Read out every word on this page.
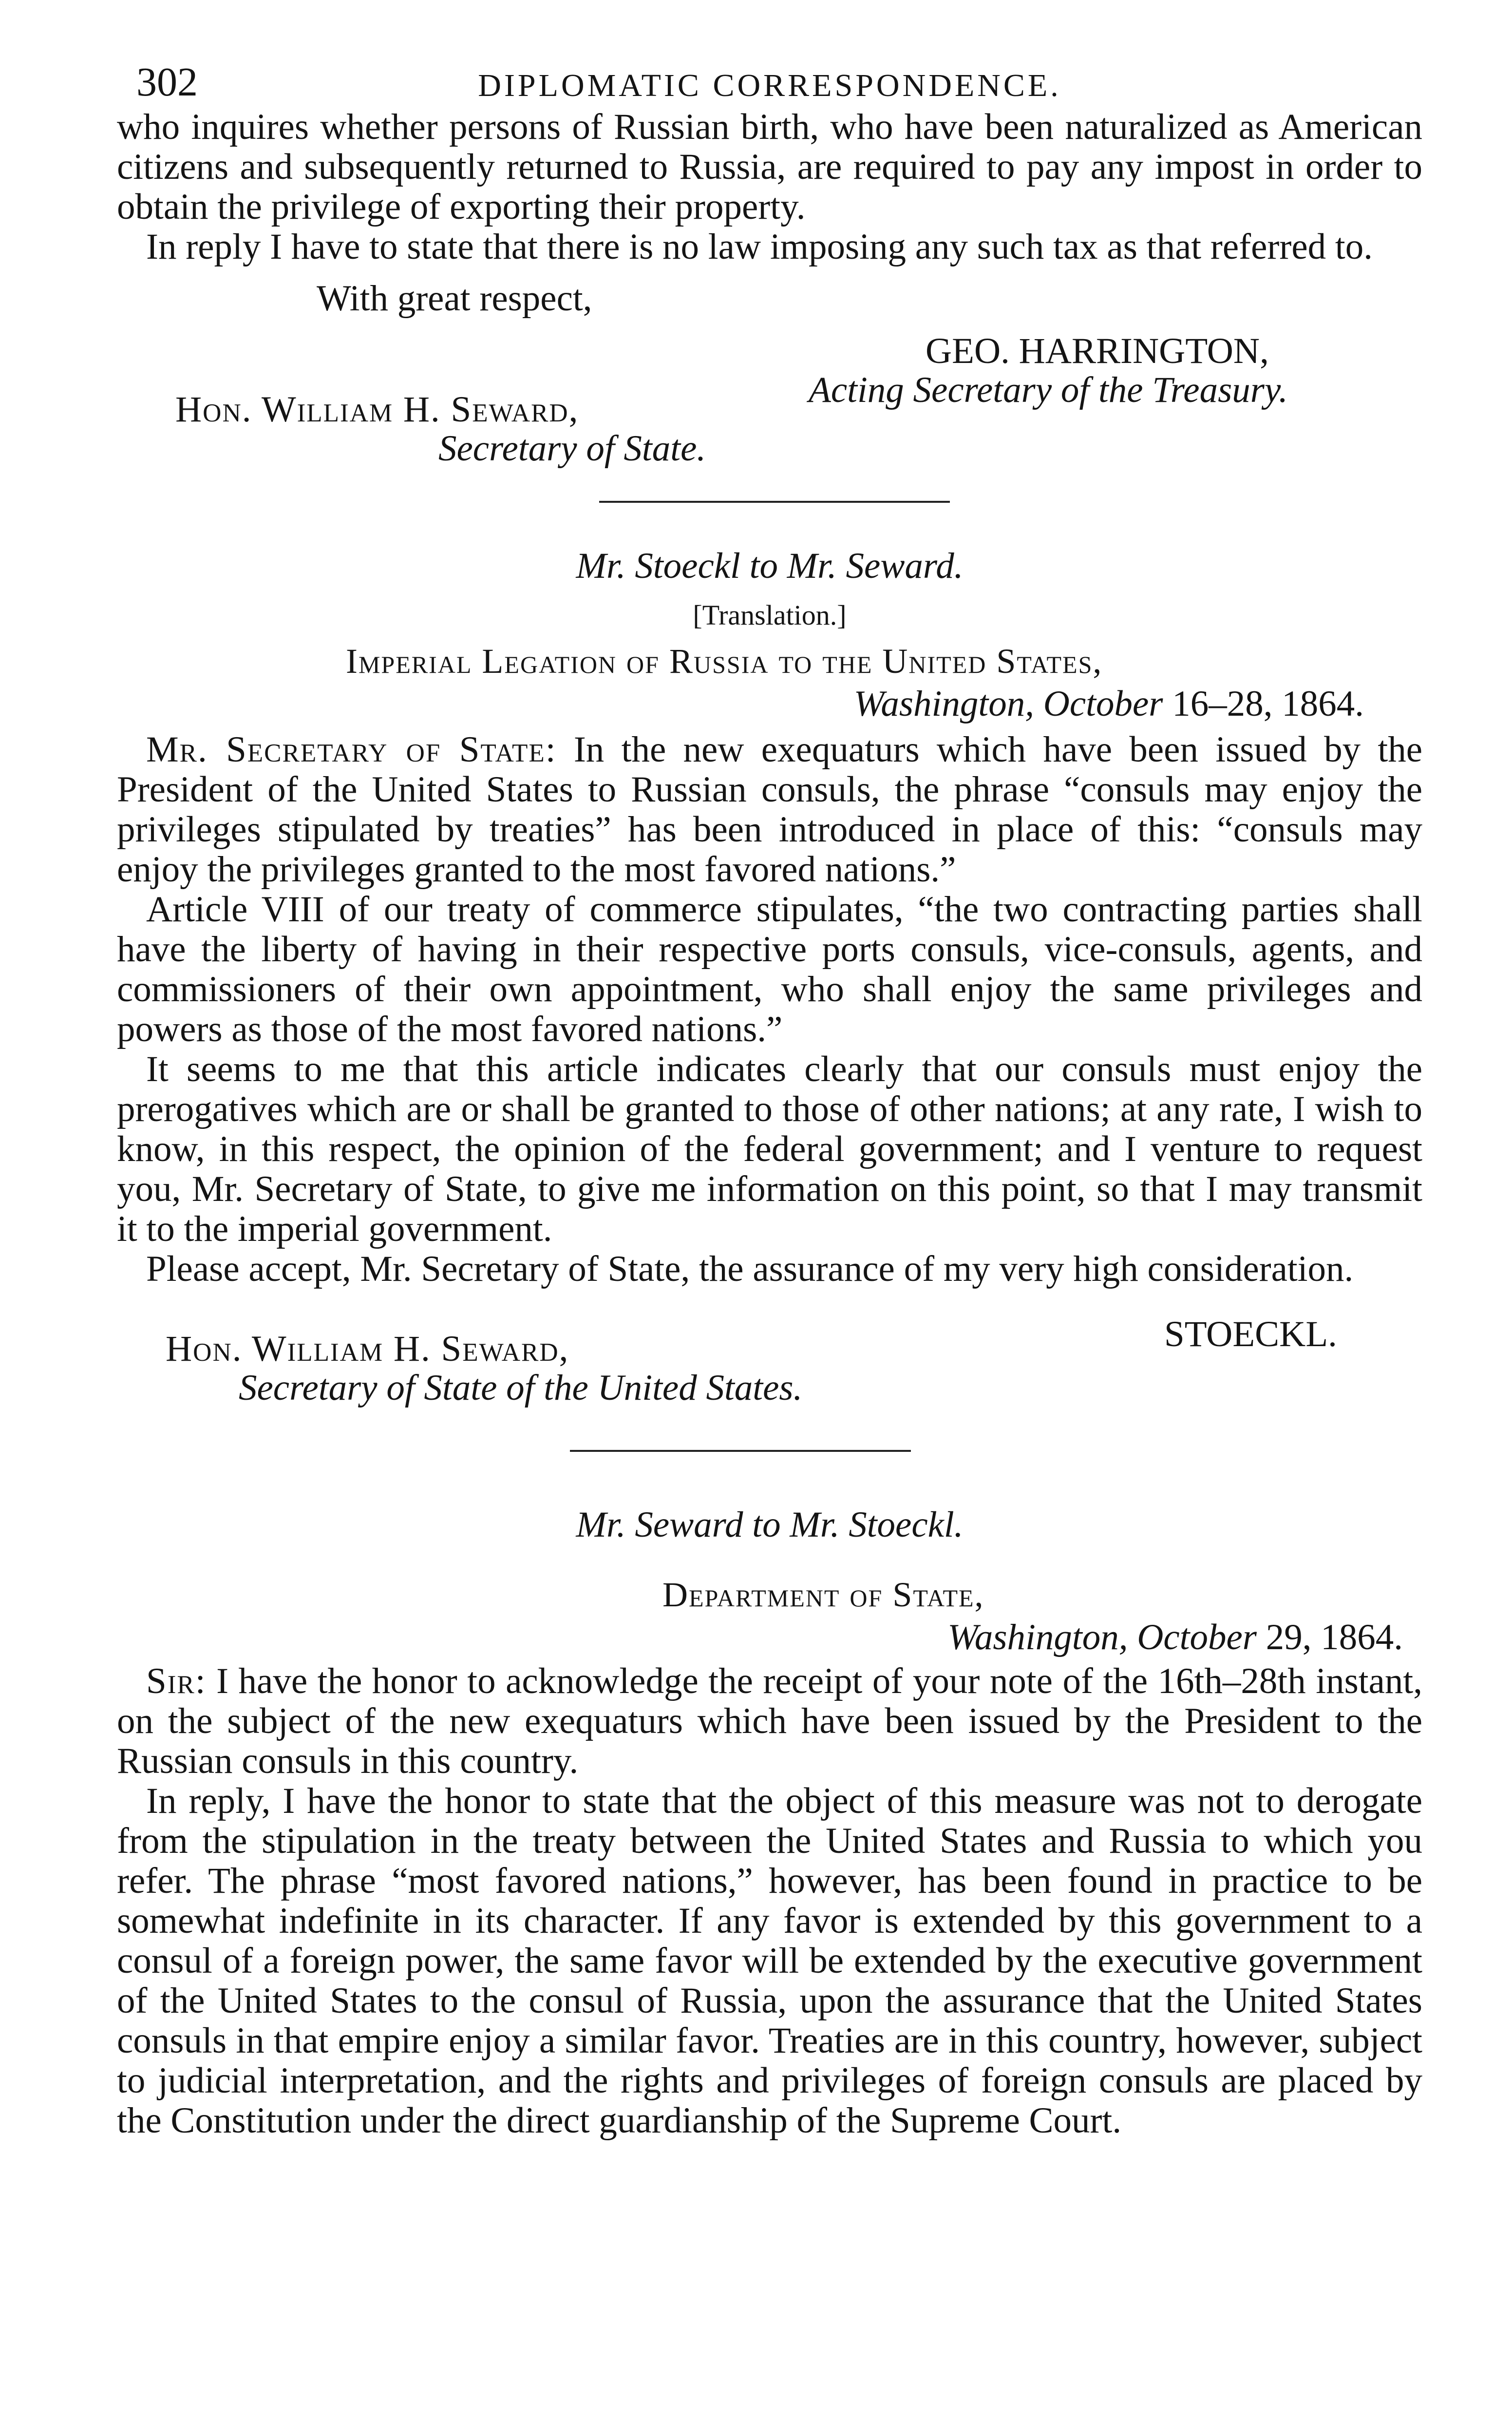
302	DIPLOMATIC CORRESPONDENCE.

who inquires whether persons of Russian birth, who have been naturalized as American citizens and subsequently returned to Russia, are required to pay any impost in order to obtain the privilege of exporting their property.

In reply I have to state that there is no law imposing any such tax as that referred to.

With great respect,
GEO. HARRINGTON,
Acting Secretary of the Treasury.
Hon. William H. Seward,
Secretary of State.
Mr. Stoeckl to Mr. Seward.
[Translation.]
Imperial Legation of Russia to the United States,
Washington, October 16–28, 1864.

Mr. Secretary of State: In the new exequaturs which have been issued by the President of the United States to Russian consuls, the phrase “consuls may enjoy the privileges stipulated by treaties” has been introduced in place of this: “consuls may enjoy the privileges granted to the most favored nations.”

Article VIII of our treaty of commerce stipulates, “the two contracting parties shall have the liberty of having in their respective ports consuls, vice-consuls, agents, and commissioners of their own appointment, who shall enjoy the same privileges and powers as those of the most favored nations.”

It seems to me that this article indicates clearly that our consuls must enjoy the prerogatives which are or shall be granted to those of other nations; at any rate, I wish to know, in this respect, the opinion of the federal government; and I venture to request you, Mr. Secretary of State, to give me information on this point, so that I may transmit it to the imperial government.

Please accept, Mr. Secretary of State, the assurance of my very high consideration.

STOECKL.
Hon. William H. Seward,
Secretary of State of the United States.
Mr. Seward to Mr. Stoeckl.
Department of State,
Washington, October 29, 1864.

Sir: I have the honor to acknowledge the receipt of your note of the 16th–28th instant, on the subject of the new exequaturs which have been issued by the President to the Russian consuls in this country.

In reply, I have the honor to state that the object of this measure was not to derogate from the stipulation in the treaty between the United States and Russia to which you refer. The phrase “most favored nations,” however, has been found in practice to be somewhat indefinite in its character. If any favor is extended by this government to a consul of a foreign power, the same favor will be extended by the executive government of the United States to the consul of Russia, upon the assurance that the United States consuls in that empire enjoy a similar favor. Treaties are in this country, however, subject to judicial interpretation, and the rights and privileges of foreign consuls are placed by the Constitution under the direct guardianship of the Supreme Court.
